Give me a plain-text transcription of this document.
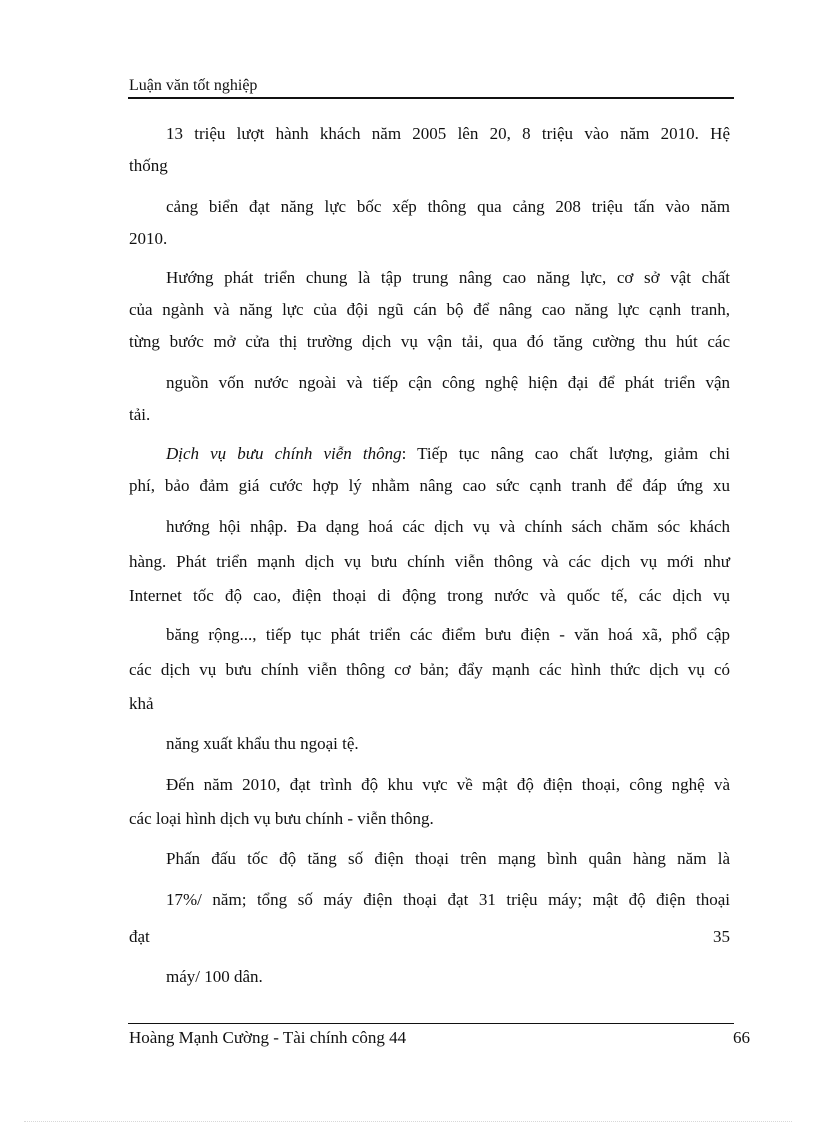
Luận văn tốt nghiệp
13 triệu lượt hành khách năm 2005 lên 20, 8 triệu vào năm 2010. Hệ
thống
cảng biển đạt năng lực bốc xếp thông qua cảng 208 triệu tấn vào năm
2010.
Hướng phát triển chung là tập trung nâng cao năng lực, cơ sở vật chất
của ngành và năng lực của đội ngũ cán bộ để nâng cao năng lực cạnh tranh,
từng bước mở cửa thị trường dịch vụ vận tải, qua đó tăng cường thu hút các
nguồn vốn nước ngoài và tiếp cận công nghệ hiện đại để phát triển vận
tải.
Dịch vụ bưu chính viễn thông: Tiếp tục nâng cao chất lượng, giảm chi
phí, bảo đảm giá cước hợp lý nhằm nâng cao sức cạnh tranh để đáp ứng xu
hướng hội nhập. Đa dạng hoá các dịch vụ và chính sách chăm sóc khách
hàng. Phát triển mạnh dịch vụ bưu chính viễn thông và các dịch vụ mới như
Internet tốc độ cao, điện thoại di động trong nước và quốc tế, các dịch vụ
băng rộng..., tiếp tục phát triển các điểm bưu điện - văn hoá xã, phổ cập
các dịch vụ bưu chính viễn thông cơ bản; đẩy mạnh các hình thức dịch vụ có
khả
năng xuất khẩu thu ngoại tệ.
Đến năm 2010, đạt trình độ khu vực về mật độ điện thoại, công nghệ và
các loại hình dịch vụ bưu chính - viễn thông.
Phấn đấu tốc độ tăng số điện thoại trên mạng bình quân hàng năm là
17%/ năm; tổng số máy điện thoại đạt 31 triệu máy; mật độ điện thoại
đạt	35
máy/ 100 dân.
Hoàng Mạnh Cường - Tài chính công 44	66
